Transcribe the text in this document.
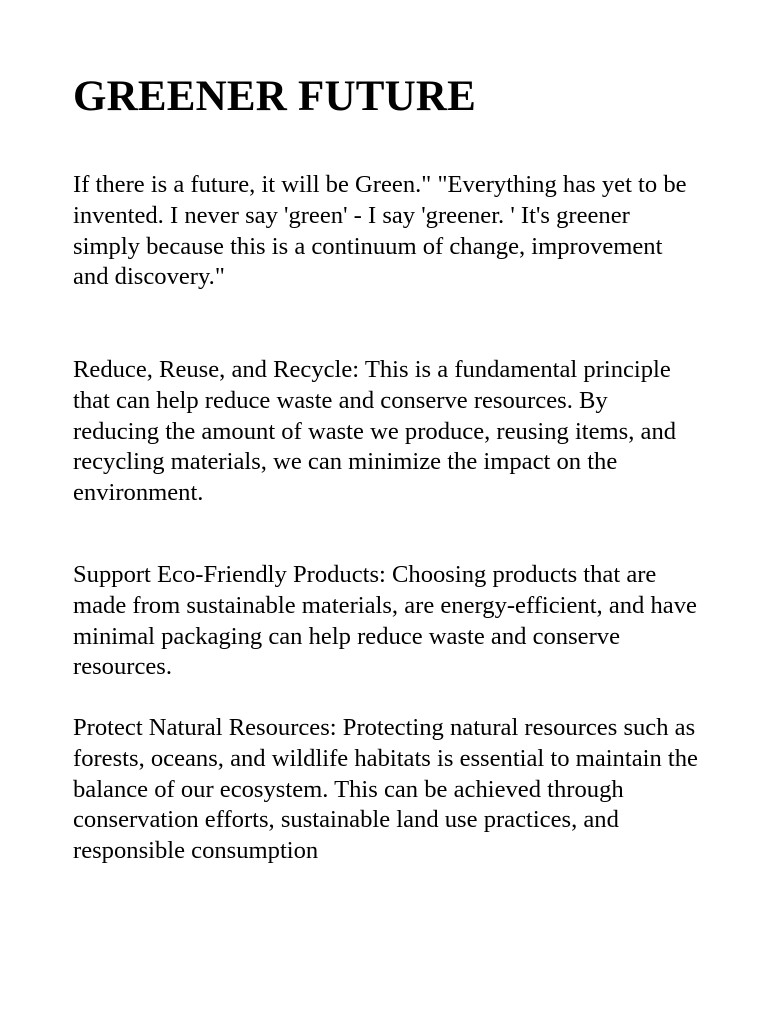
GREENER FUTURE

If there is a future, it will be Green." "Everything has yet to be invented. I never say 'green' - I say 'greener. ' It's greener simply because this is a continuum of change, improvement and discovery."

Reduce, Reuse, and Recycle: This is a fundamental principle that can help reduce waste and conserve resources. By reducing the amount of waste we produce, reusing items, and recycling materials, we can minimize the impact on the environment.

Support Eco-Friendly Products: Choosing products that are made from sustainable materials, are energy-efficient, and have minimal packaging can help reduce waste and conserve resources.

Protect Natural Resources: Protecting natural resources such as forests, oceans, and wildlife habitats is essential to maintain the balance of our ecosystem. This can be achieved through conservation efforts, sustainable land use practices, and responsible consumption
